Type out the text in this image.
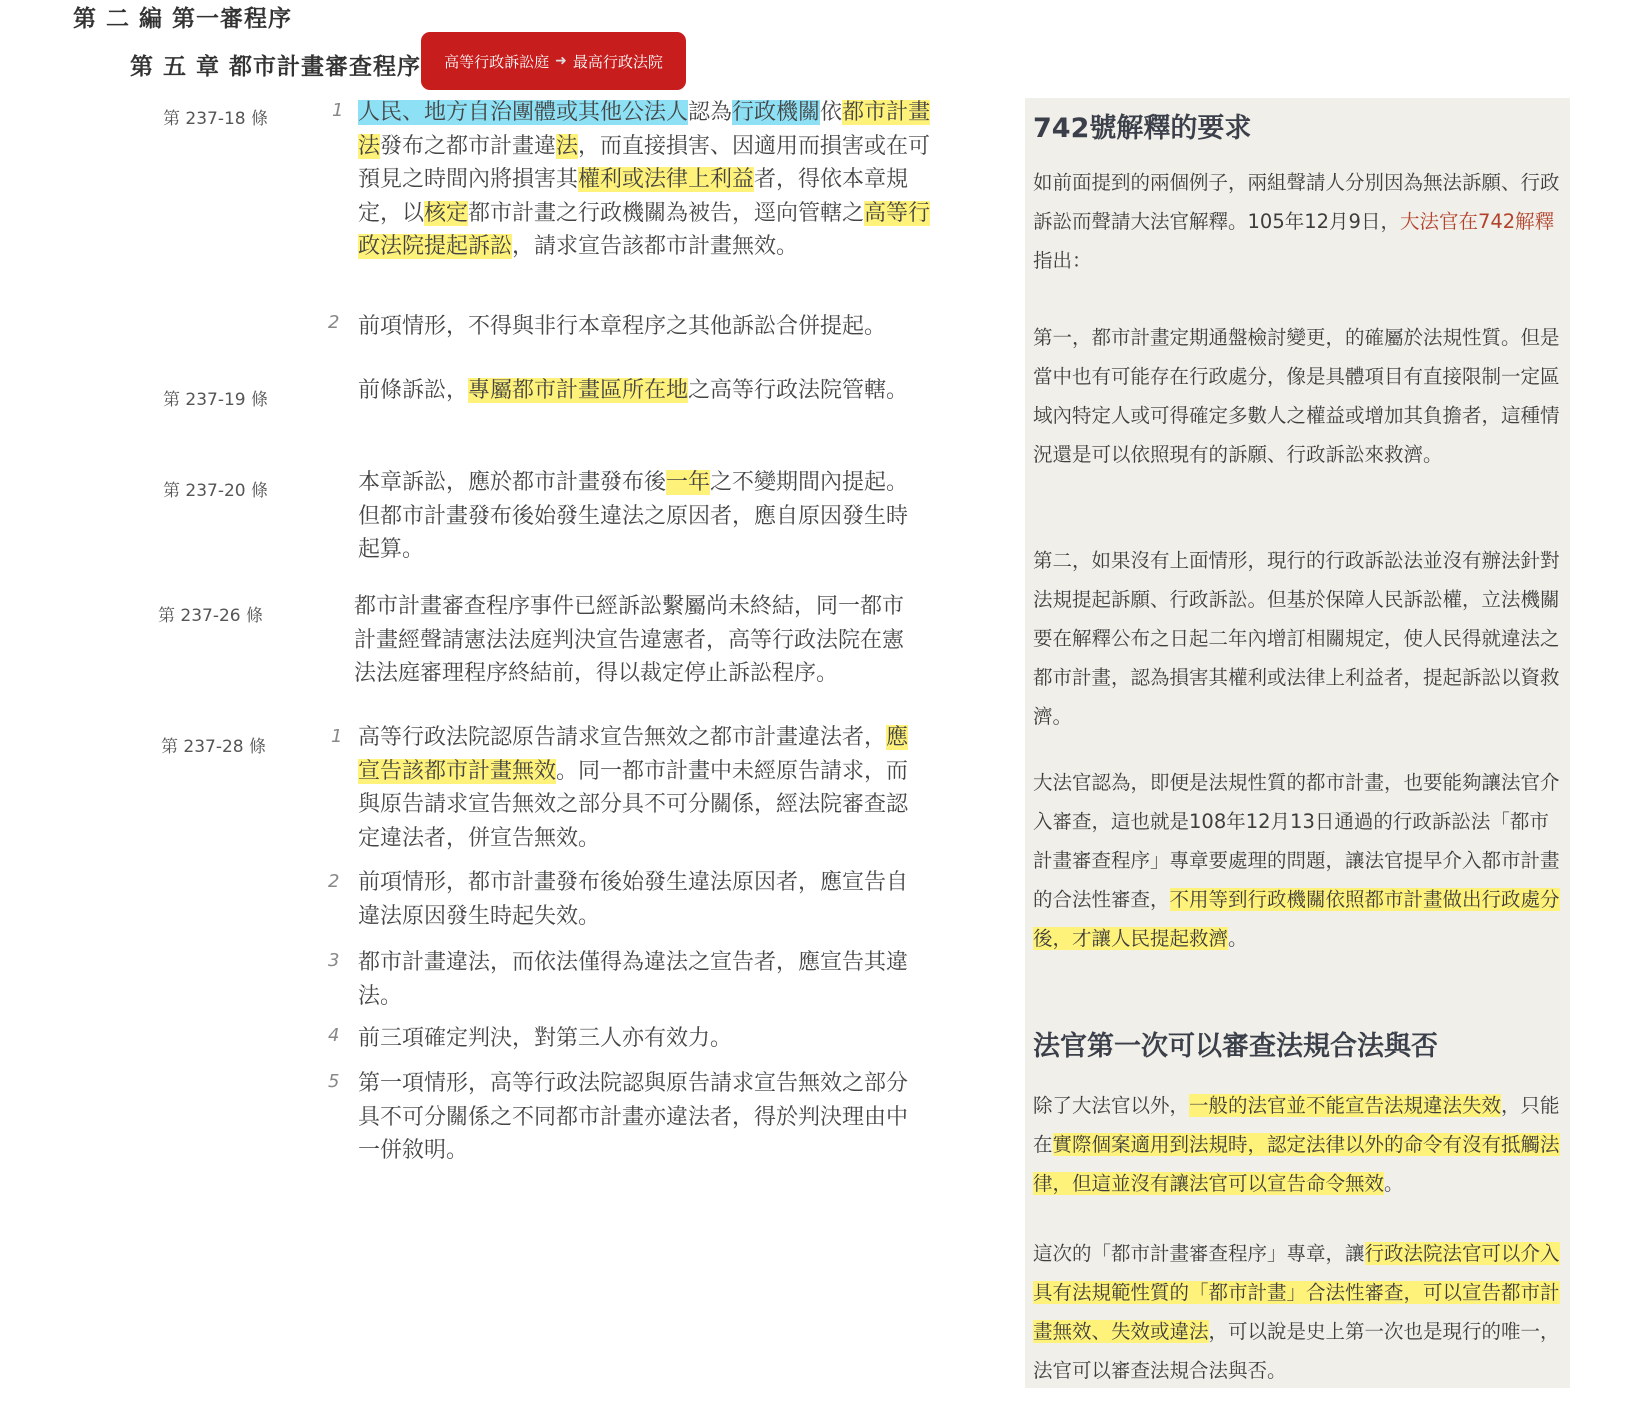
第 二 編 第一審程序
第 五 章 都市計畫審查程序 高等行政訴訟庭 ➜ 最高行政法院
第 237-18 條	1 人民、地方自治團體或其他公法人認為行政機關依都市計畫法發布之都市計畫違法，而直接損害、因適用而損害或在可預見之時間內將損害其權利或法律上利益者，得依本章規定，以核定都市計畫之行政機關為被告，逕向管轄之高等行政法院提起訴訟，請求宣告該都市計畫無效。
2 前項情形，不得與非行本章程序之其他訴訟合併提起。
第 237-19 條	前條訴訟，專屬都市計畫區所在地之高等行政法院管轄。
第 237-20 條	本章訴訟，應於都市計畫發布後一年之不變期間內提起。但都市計畫發布後始發生違法之原因者，應自原因發生時起算。
第 237-26 條	都市計畫審查程序事件已經訴訟繫屬尚未終結，同一都市計畫經聲請憲法法庭判決宣告違憲者，高等行政法院在憲法法庭審理程序終結前，得以裁定停止訴訟程序。
第 237-28 條	1 高等行政法院認原告請求宣告無效之都市計畫違法者，應宣告該都市計畫無效。同一都市計畫中未經原告請求，而與原告請求宣告無效之部分具不可分關係，經法院審查認定違法者，併宣告無效。
2 前項情形，都市計畫發布後始發生違法原因者，應宣告自違法原因發生時起失效。
3 都市計畫違法，而依法僅得為違法之宣告者，應宣告其違法。
4 前三項確定判決，對第三人亦有效力。
5 第一項情形，高等行政法院認與原告請求宣告無效之部分具不可分關係之不同都市計畫亦違法者，得於判決理由中一併敘明。
742號解釋的要求
如前面提到的兩個例子，兩組聲請人分別因為無法訴願、行政訴訟而聲請大法官解釋。105年12月9日，大法官在742解釋指出：
第一，都市計畫定期通盤檢討變更，的確屬於法規性質。但是當中也有可能存在行政處分，像是具體項目有直接限制一定區域內特定人或可得確定多數人之權益或增加其負擔者，這種情況還是可以依照現有的訴願、行政訴訟來救濟。
第二，如果沒有上面情形，現行的行政訴訟法並沒有辦法針對法規提起訴願、行政訴訟。但基於保障人民訴訟權，立法機關要在解釋公布之日起二年內增訂相關規定，使人民得就違法之都市計畫，認為損害其權利或法律上利益者，提起訴訟以資救濟。
大法官認為，即便是法規性質的都市計畫，也要能夠讓法官介入審查，這也就是108年12月13日通過的行政訴訟法「都市計畫審查程序」專章要處理的問題，讓法官提早介入都市計畫的合法性審查，不用等到行政機關依照都市計畫做出行政處分後，才讓人民提起救濟。
法官第一次可以審查法規合法與否
除了大法官以外，一般的法官並不能宣告法規違法失效，只能在實際個案適用到法規時，認定法律以外的命令有沒有抵觸法律，但這並沒有讓法官可以宣告命令無效。
這次的「都市計畫審查程序」專章，讓行政法院法官可以介入具有法規範性質的「都市計畫」合法性審查，可以宣告都市計畫無效、失效或違法，可以說是史上第一次也是現行的唯一，法官可以審查法規合法與否。
